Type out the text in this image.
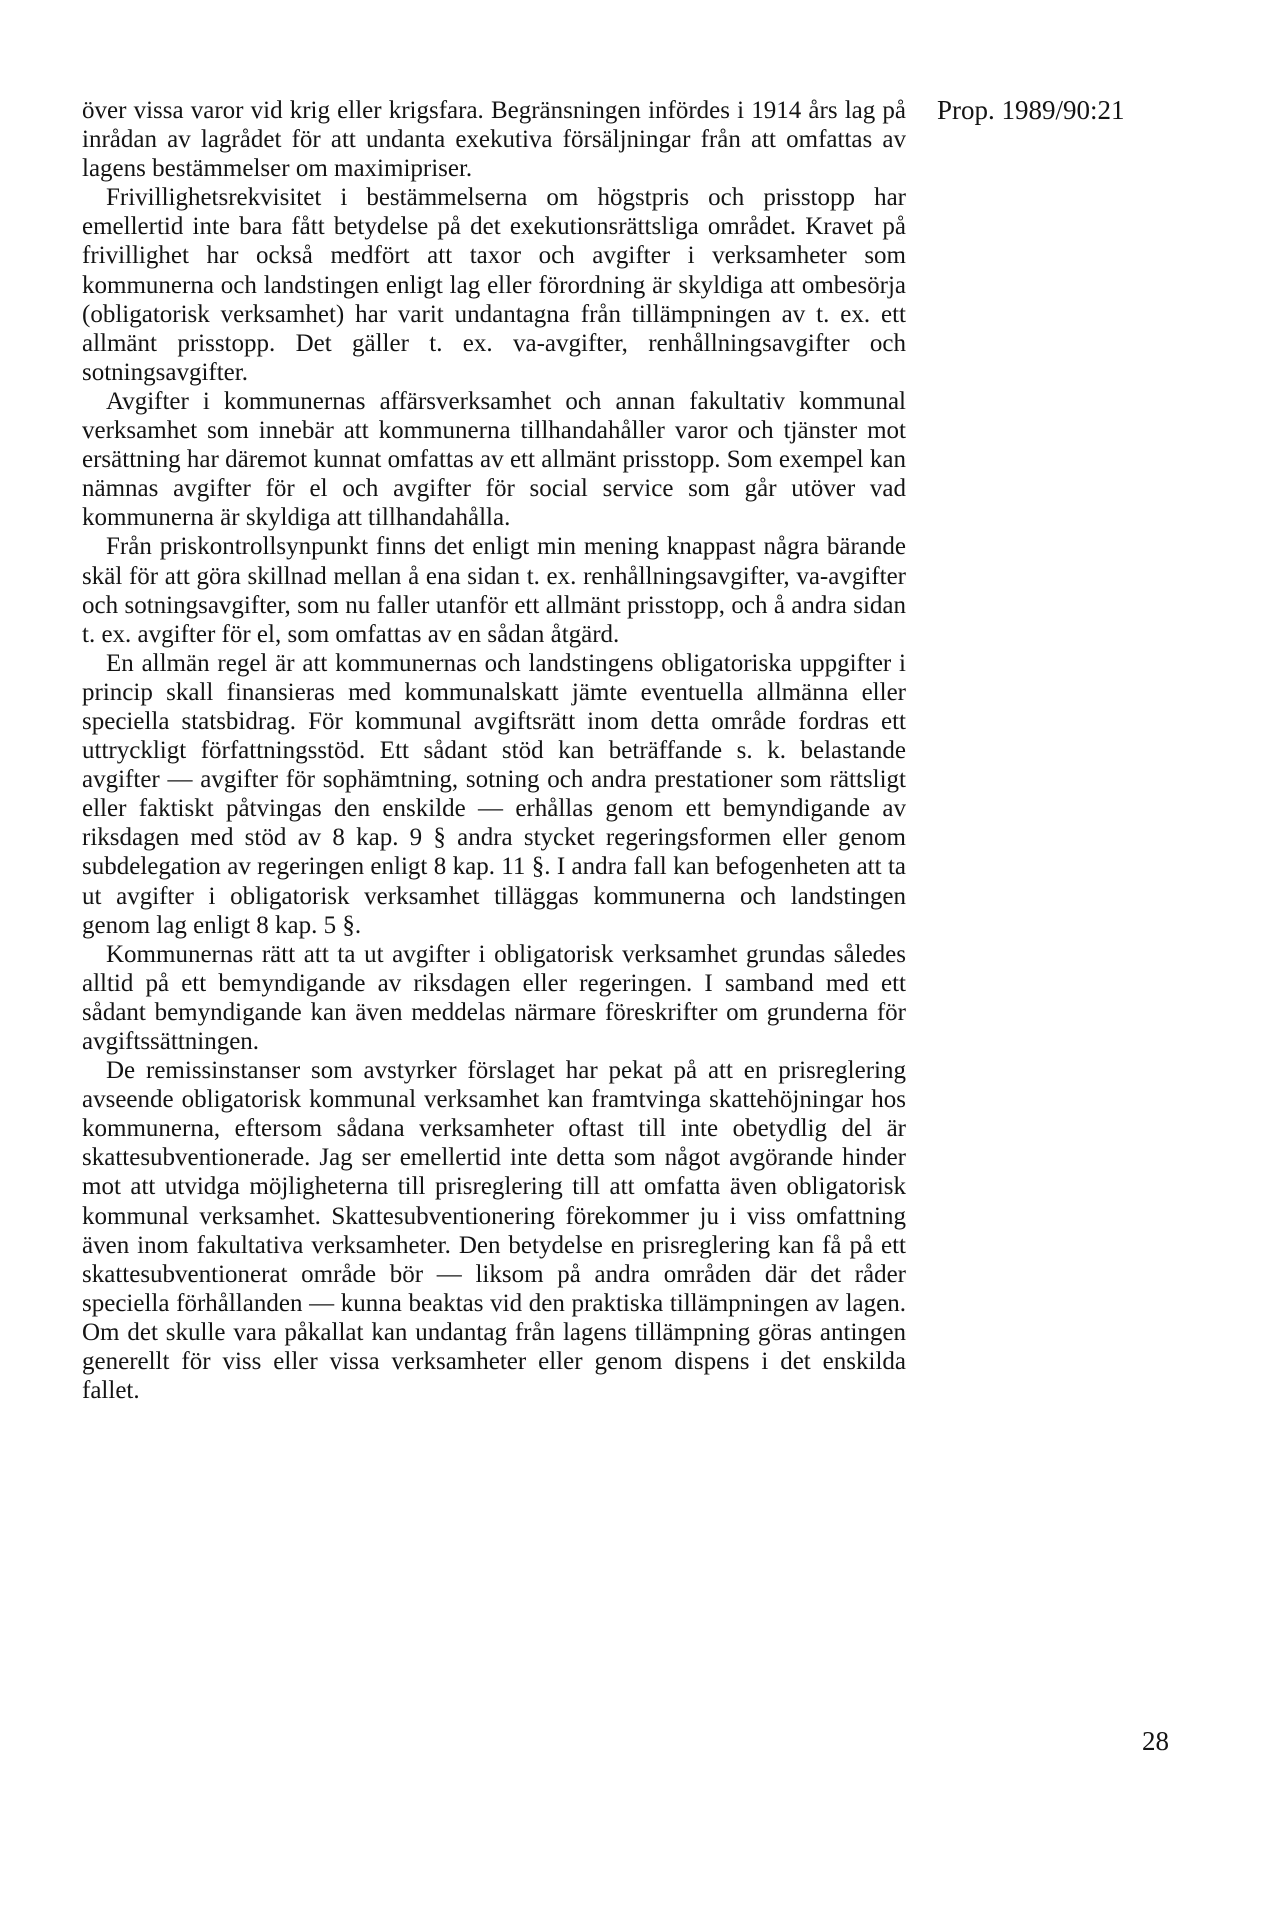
över vissa varor vid krig eller krigsfara. Begränsningen infördes i 1914 års lag på inrådan av lagrådet för att undanta exekutiva försäljningar från att omfattas av lagens bestämmelser om maximipriser.

Frivillighetsrekvisitet i bestämmelserna om högstpris och prisstopp har emellertid inte bara fått betydelse på det exekutionsrättsliga området. Kravet på frivillighet har också medfört att taxor och avgifter i verksamheter som kommunerna och landstingen enligt lag eller förordning är skyldiga att ombesörja (obligatorisk verksamhet) har varit undantagna från tillämpningen av t. ex. ett allmänt prisstopp. Det gäller t. ex. va-avgifter, renhållningsavgifter och sotningsavgifter.

Avgifter i kommunernas affärsverksamhet och annan fakultativ kommunal verksamhet som innebär att kommunerna tillhandahåller varor och tjänster mot ersättning har däremot kunnat omfattas av ett allmänt prisstopp. Som exempel kan nämnas avgifter för el och avgifter för social service som går utöver vad kommunerna är skyldiga att tillhandahålla.

Från priskontrollsynpunkt finns det enligt min mening knappast några bärande skäl för att göra skillnad mellan å ena sidan t. ex. renhållningsavgifter, va-avgifter och sotningsavgifter, som nu faller utanför ett allmänt prisstopp, och å andra sidan t. ex. avgifter för el, som omfattas av en sådan åtgärd.

En allmän regel är att kommunernas och landstingens obligatoriska uppgifter i princip skall finansieras med kommunalskatt jämte eventuella allmänna eller speciella statsbidrag. För kommunal avgiftsrätt inom detta område fordras ett uttryckligt författningsstöd. Ett sådant stöd kan beträffande s. k. belastande avgifter — avgifter för sophämtning, sotning och andra prestationer som rättsligt eller faktiskt påtvingas den enskilde — erhållas genom ett bemyndigande av riksdagen med stöd av 8 kap. 9 § andra stycket regeringsformen eller genom subdelegation av regeringen enligt 8 kap. 11 §. I andra fall kan befogenheten att ta ut avgifter i obligatorisk verksamhet tilläggas kommunerna och landstingen genom lag enligt 8 kap. 5 §.

Kommunernas rätt att ta ut avgifter i obligatorisk verksamhet grundas således alltid på ett bemyndigande av riksdagen eller regeringen. I samband med ett sådant bemyndigande kan även meddelas närmare föreskrifter om grunderna för avgiftssättningen.

De remissinstanser som avstyrker förslaget har pekat på att en prisreglering avseende obligatorisk kommunal verksamhet kan framtvinga skattehöjningar hos kommunerna, eftersom sådana verksamheter oftast till inte obetydlig del är skattesubventionerade. Jag ser emellertid inte detta som något avgörande hinder mot att utvidga möjligheterna till prisreglering till att omfatta även obligatorisk kommunal verksamhet. Skattesubventionering förekommer ju i viss omfattning även inom fakultativa verksamheter. Den betydelse en prisreglering kan få på ett skattesubventionerat område bör — liksom på andra områden där det råder speciella förhållanden — kunna beaktas vid den praktiska tillämpningen av lagen. Om det skulle vara påkallat kan undantag från lagens tillämpning göras antingen generellt för viss eller vissa verksamheter eller genom dispens i det enskilda fallet.

Prop. 1989/90:21
28
